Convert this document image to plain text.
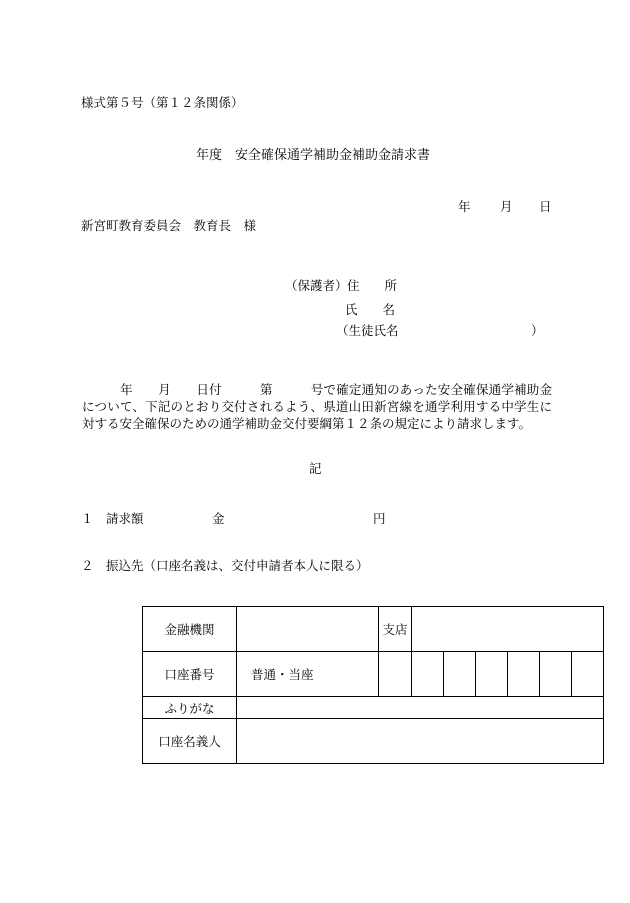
様式第５号（第１２条関係）
年度　安全確保通学補助金補助金請求書
年 月 日
新宮町教育委員会　教育長　様
（保護者） 住　　所
氏　　名
（生徒氏名	）
　　　年　　月　　日付　　　第　　　号で確定通知のあった安全確保通学補助金について、下記のとおり交付されるよう、県道山田新宮線を通学利用する中学生に対する安全確保のための通学補助金交付要綱第１２条の規定により請求します。
記
１ 請求額	金	円
２ 振込先（口座名義は、交付申請者本人に限る）
金融機関		支店						
口座番号	普通・当座							
ふりがな								
口座名義人								
